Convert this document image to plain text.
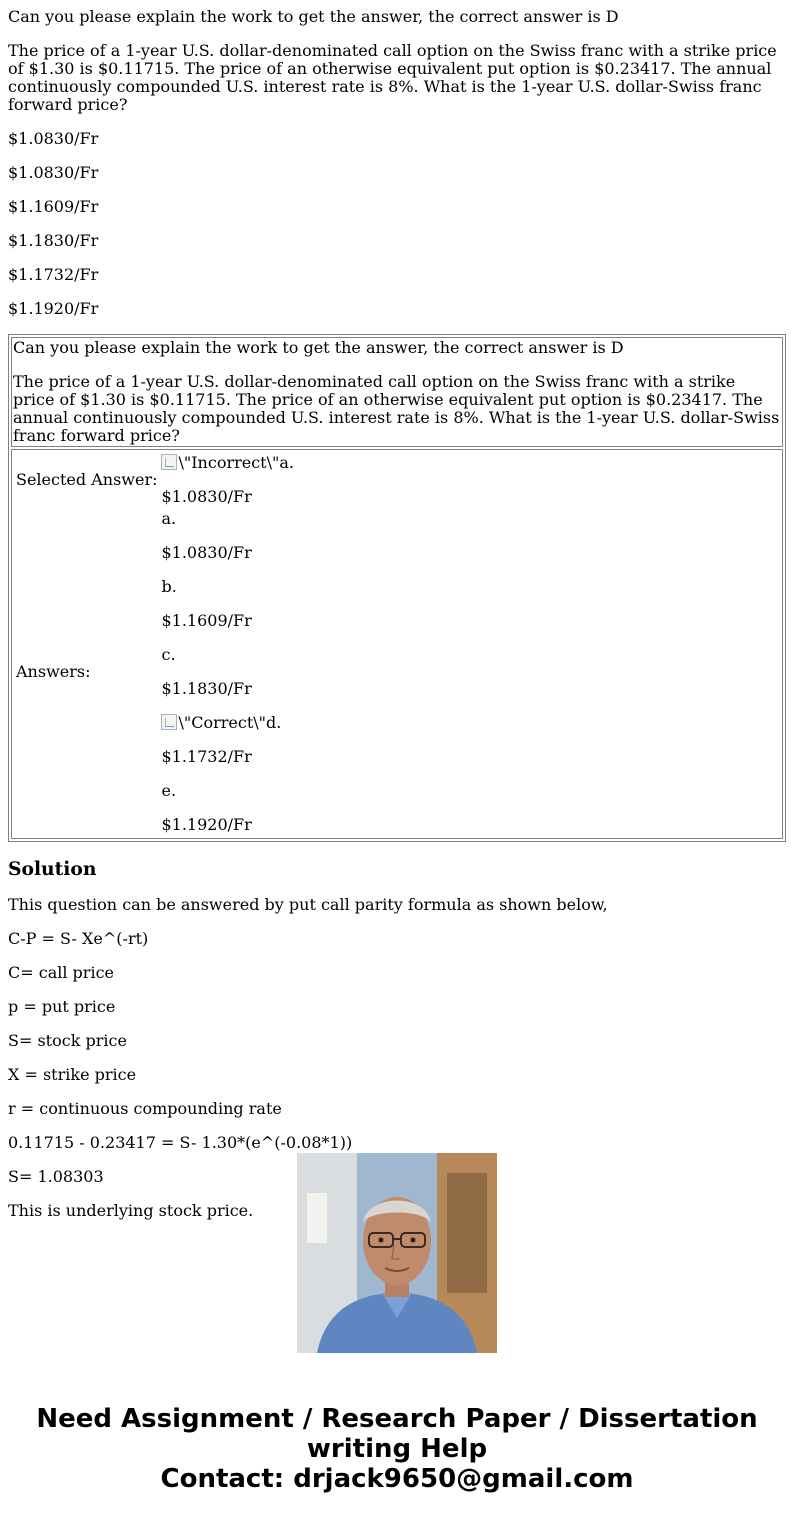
Can you please explain the work to get the answer, the correct answer is D

The price of a 1-year U.S. dollar-denominated call option on the Swiss franc with a strike price of $1.30 is $0.11715. The price of an otherwise equivalent put option is $0.23417. The annual continuously compounded U.S. interest rate is 8%. What is the 1-year U.S. dollar-Swiss franc forward price?

$1.0830/Fr

$1.0830/Fr

$1.1609/Fr

$1.1830/Fr

$1.1732/Fr

$1.1920/Fr

Can you please explain the work to get the answer, the correct answer is D

The price of a 1-year U.S. dollar-denominated call option on the Swiss franc with a strike price of $1.30 is $0.11715. The price of an otherwise equivalent put option is $0.23417. The annual continuously compounded U.S. interest rate is 8%. What is the 1-year U.S. dollar-Swiss franc forward price?

Selected Answer:	
\"Incorrect\"a.
$1.0830/Fr

Answers:	
a.
$1.0830/Fr
b.
$1.1609/Fr
c.
$1.1830/Fr
\"Correct\"d.
$1.1732/Fr
e.
$1.1920/Fr
Solution

This question can be answered by put call parity formula as shown below,

C-P = S- Xe^(-rt)

C= call price

p = put price

S= stock price

X = strike price

r = continuous compounding rate

0.11715 - 0.23417 = S- 1.30*(e^(-0.08*1))

S= 1.08303

This is underlying stock price.

Need Assignment / Research Paper / Dissertation
writing Help
Contact: drjack9650@gmail.com
